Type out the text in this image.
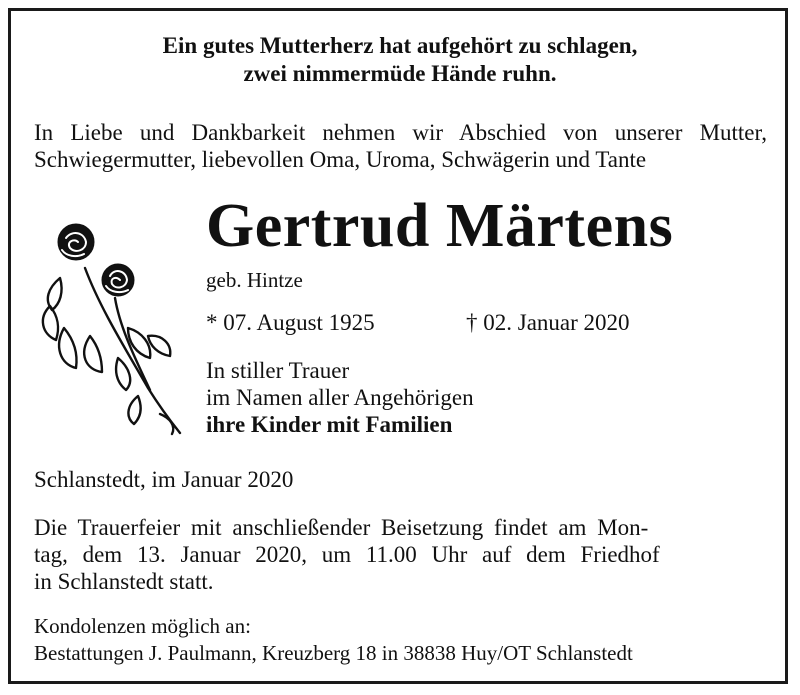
Ein gutes Mutterherz hat aufgehört zu schlagen,

zwei nimmermüde Hände ruhn.

In Liebe und Dankbarkeit nehmen wir Abschied von unserer Mutter, Schwiegermutter, liebevollen Oma, Uroma, Schwägerin und Tante

Gertrud Märtens

geb. Hintze

* 07. August 1925	† 02. Januar 2020

In stiller Trauer

im Namen aller Angehörigen

ihre Kinder mit Familien

Schlanstedt, im Januar 2020

Die Trauerfeier mit anschließender Beisetzung findet am Mon-

tag, dem 13. Januar 2020, um 11.00 Uhr auf dem Friedhof

in Schlanstedt statt.

Kondolenzen möglich an:

Bestattungen J. Paulmann, Kreuzberg 18 in 38838 Huy/OT Schlanstedt
